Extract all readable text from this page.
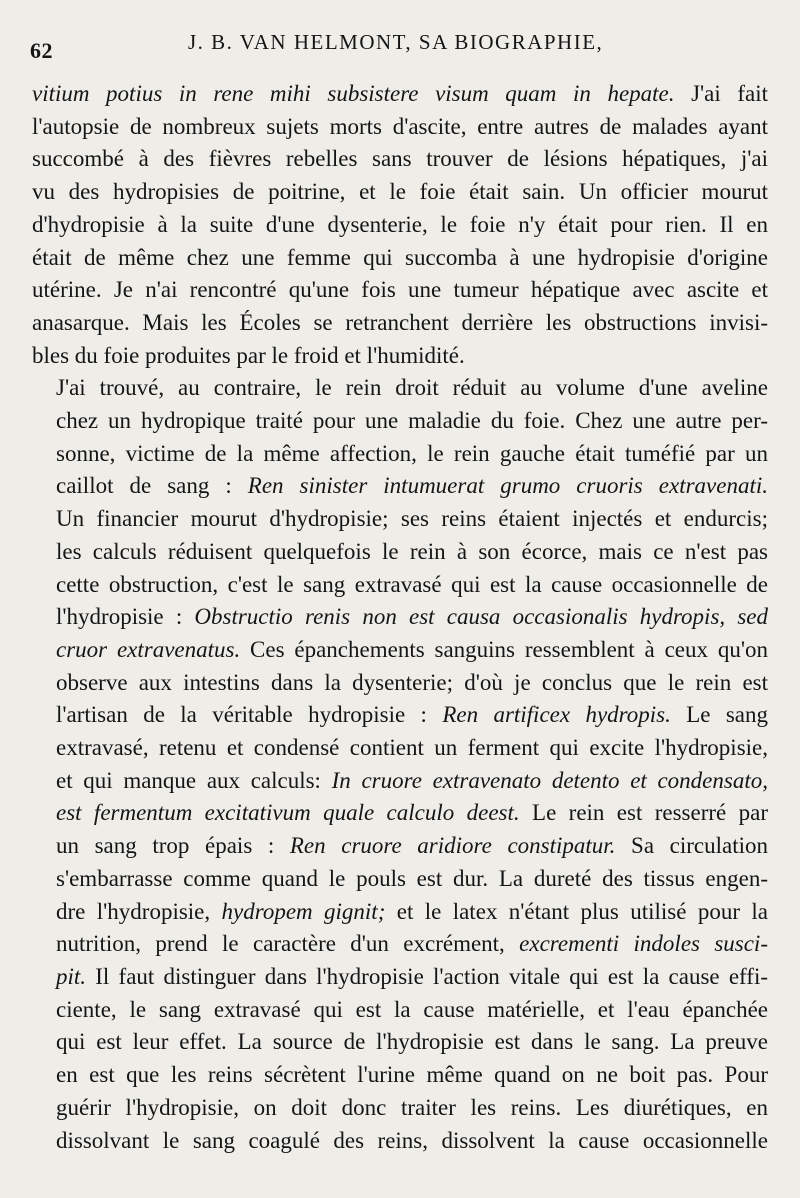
62	J. B. VAN HELMONT, SA BIOGRAPHIE,

vitium potius in rene mihi subsistere visum quam in hepate. J'ai fait
l'autopsie de nombreux sujets morts d'ascite, entre autres de malades ayant
succombé à des fièvres rebelles sans trouver de lésions hépatiques, j'ai
vu des hydropisies de poitrine, et le foie était sain. Un officier mourut
d'hydropisie à la suite d'une dysenterie, le foie n'y était pour rien. Il en
était de même chez une femme qui succomba à une hydropisie d'origine
utérine. Je n'ai rencontré qu'une fois une tumeur hépatique avec ascite et
anasarque. Mais les Écoles se retranchent derrière les obstructions invisi-
bles du foie produites par le froid et l'humidité.

J'ai trouvé, au contraire, le rein droit réduit au volume d'une aveline
chez un hydropique traité pour une maladie du foie. Chez une autre per-
sonne, victime de la même affection, le rein gauche était tuméfié par un
caillot de sang : Ren sinister intumuerat grumo cruoris extravenati.
Un financier mourut d'hydropisie; ses reins étaient injectés et endurcis;
les calculs réduisent quelquefois le rein à son écorce, mais ce n'est pas
cette obstruction, c'est le sang extravasé qui est la cause occasionnelle de
l'hydropisie : Obstructio renis non est causa occasionalis hydropis, sed
cruor extravenatus. Ces épanchements sanguins ressemblent à ceux qu'on
observe aux intestins dans la dysenterie; d'où je conclus que le rein est
l'artisan de la véritable hydropisie : Ren artificex hydropis. Le sang
extravasé, retenu et condensé contient un ferment qui excite l'hydropisie,
et qui manque aux calculs: In cruore extravenato detento et condensato,
est fermentum excitativum quale calculo deest. Le rein est resserré par
un sang trop épais : Ren cruore aridiore constipatur. Sa circulation
s'embarrasse comme quand le pouls est dur. La dureté des tissus engen-
dre l'hydropisie, hydropem gignit; et le latex n'étant plus utilisé pour la
nutrition, prend le caractère d'un excrément, excrementi indoles susci-
pit. Il faut distinguer dans l'hydropisie l'action vitale qui est la cause effi-
ciente, le sang extravasé qui est la cause matérielle, et l'eau épanchée
qui est leur effet. La source de l'hydropisie est dans le sang. La preuve
en est que les reins sécrètent l'urine même quand on ne boit pas. Pour
guérir l'hydropisie, on doit donc traiter les reins. Les diurétiques, en
dissolvant le sang coagulé des reins, dissolvent la cause occasionnelle
